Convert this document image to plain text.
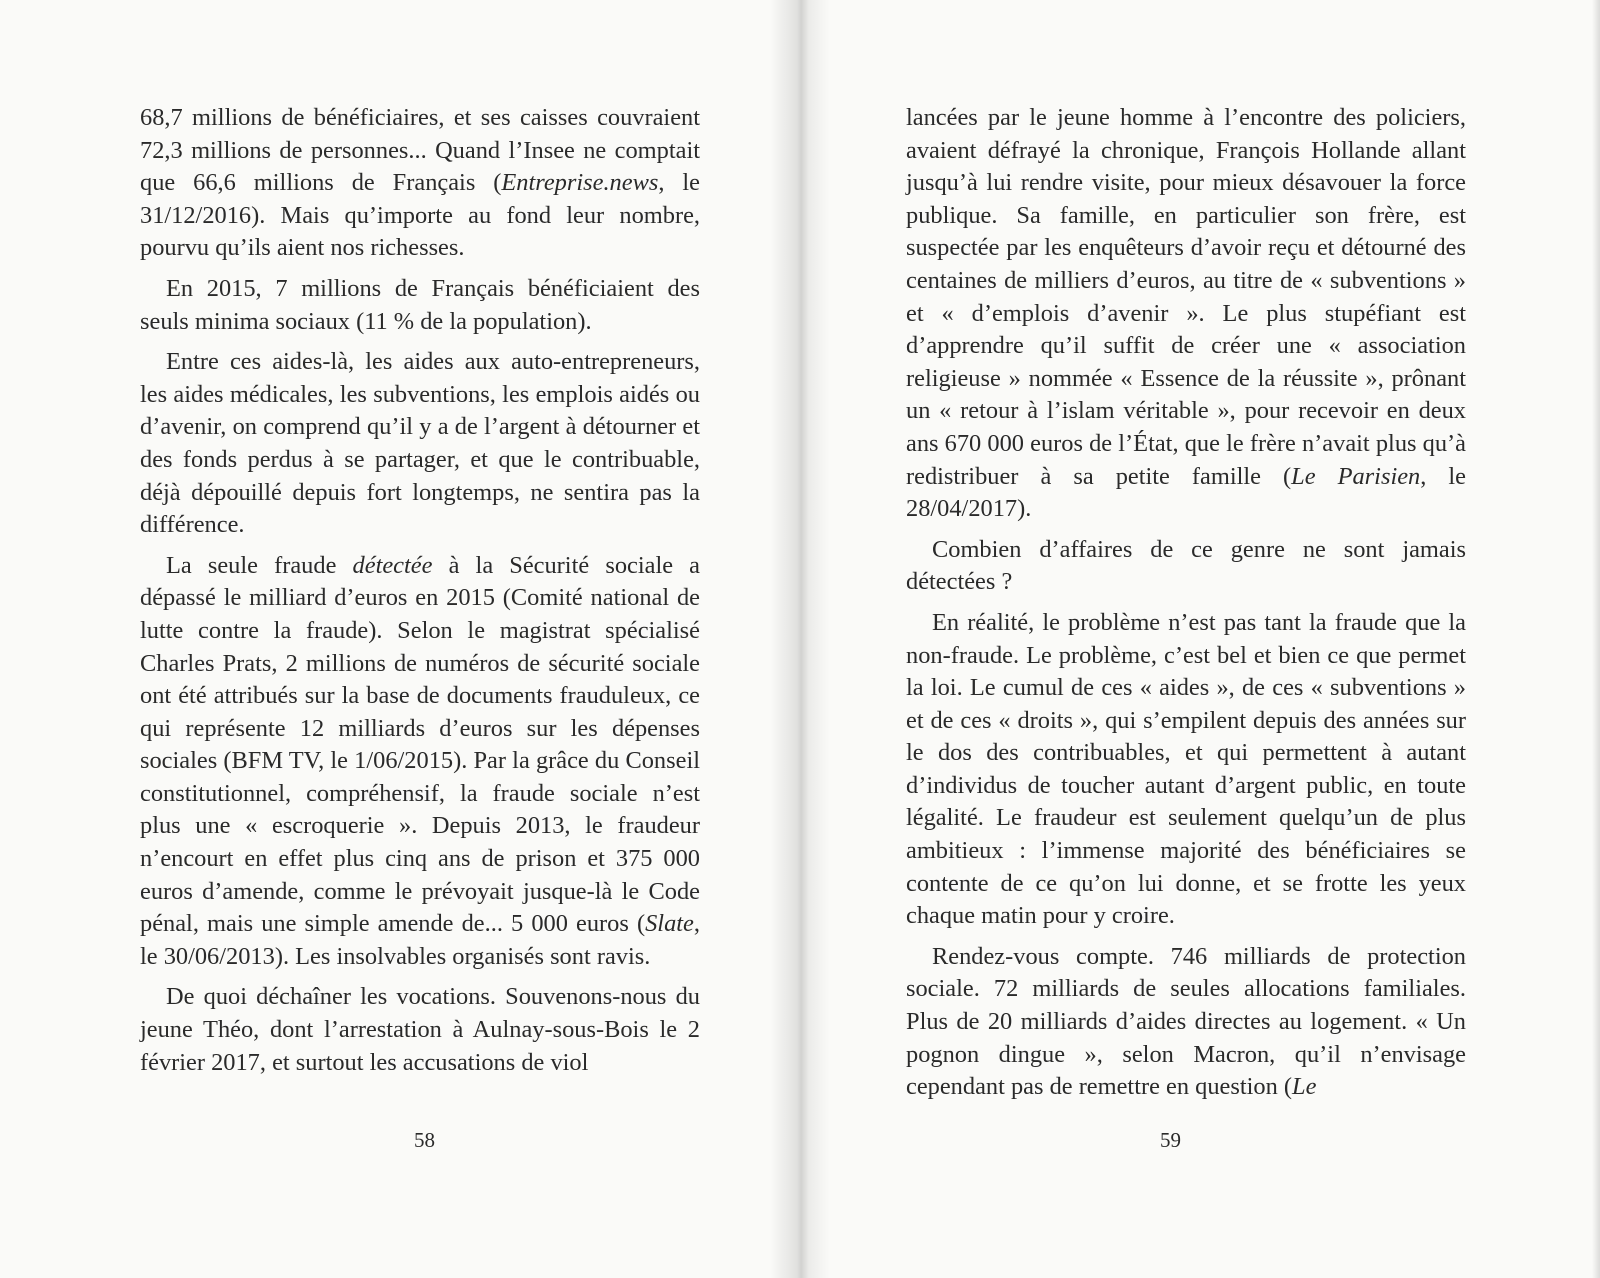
68,7 millions de bénéficiaires, et ses caisses couvraient 72,3 millions de personnes... Quand l’Insee ne comptait que 66,6 millions de Français (Entreprise.news, le 31/12/2016). Mais qu’importe au fond leur nombre, pourvu qu’ils aient nos richesses.

En 2015, 7 millions de Français bénéficiaient des seuls minima sociaux (11 % de la population).

Entre ces aides-là, les aides aux auto-entrepreneurs, les aides médicales, les subventions, les emplois aidés ou d’avenir, on comprend qu’il y a de l’argent à détourner et des fonds perdus à se partager, et que le contribuable, déjà dépouillé depuis fort longtemps, ne sentira pas la différence.

La seule fraude détectée à la Sécurité sociale a dépassé le milliard d’euros en 2015 (Comité national de lutte contre la fraude). Selon le magistrat spécialisé Charles Prats, 2 millions de numéros de sécurité sociale ont été attribués sur la base de documents frauduleux, ce qui représente 12 milliards d’euros sur les dépenses sociales (BFM TV, le 1/06/2015). Par la grâce du Conseil constitutionnel, compréhensif, la fraude sociale n’est plus une « escroquerie ». Depuis 2013, le fraudeur n’encourt en effet plus cinq ans de prison et 375 000 euros d’amende, comme le prévoyait jusque-là le Code pénal, mais une simple amende de... 5 000 euros (Slate, le 30/06/2013). Les insolvables organisés sont ravis.

De quoi déchaîner les vocations. Souvenons-nous du jeune Théo, dont l’arrestation à Aulnay-sous-Bois le 2 février 2017, et surtout les accusations de viol

58

lancées par le jeune homme à l’encontre des policiers, avaient défrayé la chronique, François Hollande allant jusqu’à lui rendre visite, pour mieux désavouer la force publique. Sa famille, en particulier son frère, est suspectée par les enquêteurs d’avoir reçu et détourné des centaines de milliers d’euros, au titre de « subventions » et « d’emplois d’avenir ». Le plus stupéfiant est d’apprendre qu’il suffit de créer une « association religieuse » nommée « Essence de la réussite », prônant un « retour à l’islam véritable », pour recevoir en deux ans 670 000 euros de l’État, que le frère n’avait plus qu’à redistribuer à sa petite famille (Le Parisien, le 28/04/2017).

Combien d’affaires de ce genre ne sont jamais détectées ?

En réalité, le problème n’est pas tant la fraude que la non-fraude. Le problème, c’est bel et bien ce que permet la loi. Le cumul de ces « aides », de ces « subventions » et de ces « droits », qui s’empilent depuis des années sur le dos des contribuables, et qui permettent à autant d’individus de toucher autant d’argent public, en toute légalité. Le fraudeur est seulement quelqu’un de plus ambitieux : l’immense majorité des bénéficiaires se contente de ce qu’on lui donne, et se frotte les yeux chaque matin pour y croire.

Rendez-vous compte. 746 milliards de protection sociale. 72 milliards de seules allocations familiales. Plus de 20 milliards d’aides directes au logement. « Un pognon dingue », selon Macron, qu’il n’envisage cependant pas de remettre en question (Le

59
